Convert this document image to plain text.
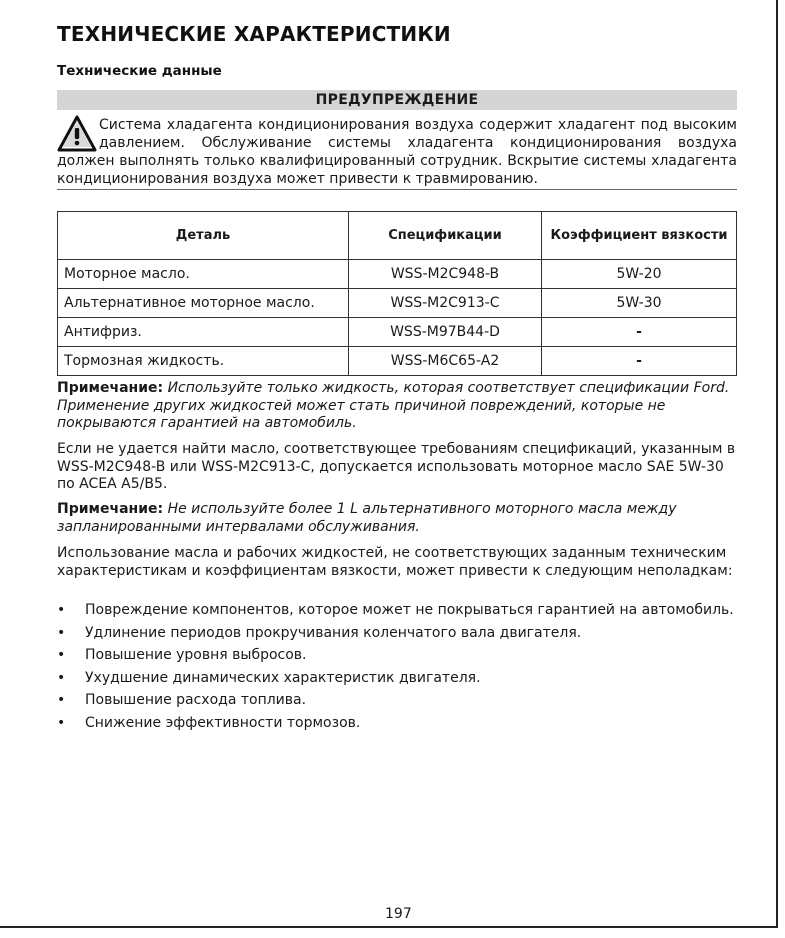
ТЕХНИЧЕСКИЕ ХАРАКТЕРИСТИКИ
Технические данные
ПРЕДУПРЕЖДЕНИЕ

Система хладагента кондиционирования воздуха содержит хладагент под высоким давлением. Обслуживание системы хладагента кондиционирования воздуха должен выполнять только квалифицированный сотрудник. Вскрытие системы хладагента кондиционирования воздуха может привести к травмированию.

Деталь	Спецификации	Коэффициент вязкости
Моторное масло.	WSS-M2C948-B	5W-20
Альтернативное моторное масло.	WSS-M2C913-C	5W-30
Антифриз.	WSS-M97B44-D	-
Тормозная жидкость.	WSS-M6C65-A2	-

Примечание: Используйте только жидкость, которая соответствует спецификации Ford. Применение других жидкостей может стать причиной повреждений, которые не покрываются гарантией на автомобиль.

Если не удается найти масло, соответствующее требованиям спецификаций, указанным в WSS-M2C948-B или WSS-M2C913-C, допускается использовать моторное масло SAE 5W-30 по ACEA A5/B5.

Примечание: Не используйте более 1 L альтернативного моторного масла между запланированными интервалами обслуживания.

Использование масла и рабочих жидкостей, не соответствующих заданным техническим характеристикам и коэффициентам вязкости, может привести к следующим неполадкам:

• Повреждение компонентов, которое может не покрываться гарантией на автомобиль.
• Удлинение периодов прокручивания коленчатого вала двигателя.
• Повышение уровня выбросов.
• Ухудшение динамических характеристик двигателя.
• Повышение расхода топлива.
• Снижение эффективности тормозов.
197
